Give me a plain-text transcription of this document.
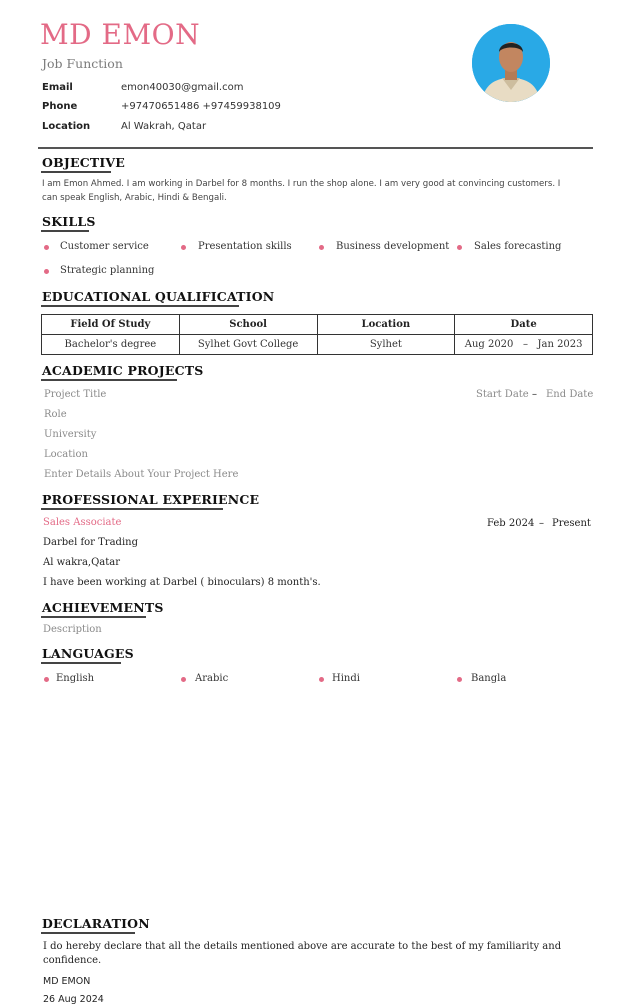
MD EMON
Job Function
Email	emon40030@gmail.com
Phone	+97470651486 +97459938109
Location	Al Wakrah, Qatar
OBJECTIVE
I am Emon Ahmed. I am working in Darbel for 8 months. I run the shop alone. I am very good at convincing customers. I can speak English, Arabic, Hindi & Bengali.
SKILLS
Customer service	Presentation skills	Business development Sales forecasting
Strategic planning
EDUCATIONAL QUALIFICATION
Field Of Study	School	Location	Date
Bachelor's degree	Sylhet Govt College	Sylhet	Aug 2020   –   Jan 2023
ACADEMIC PROJECTS
Project Title	Start Date – End Date
Role
University
Location
Enter Details About Your Project Here
PROFESSIONAL EXPERIENCE
Sales Associate	Feb 2024 – Present
Darbel for Trading
Al wakra,Qatar
I have been working at Darbel ( binoculars) 8 month's.
ACHIEVEMENTS
Description
LANGUAGES
English	Arabic	Hindi	Bangla
DECLARATION
I do hereby declare that all the details mentioned above are accurate to the best of my familiarity and confidence.
MD EMON
26 Aug 2024
